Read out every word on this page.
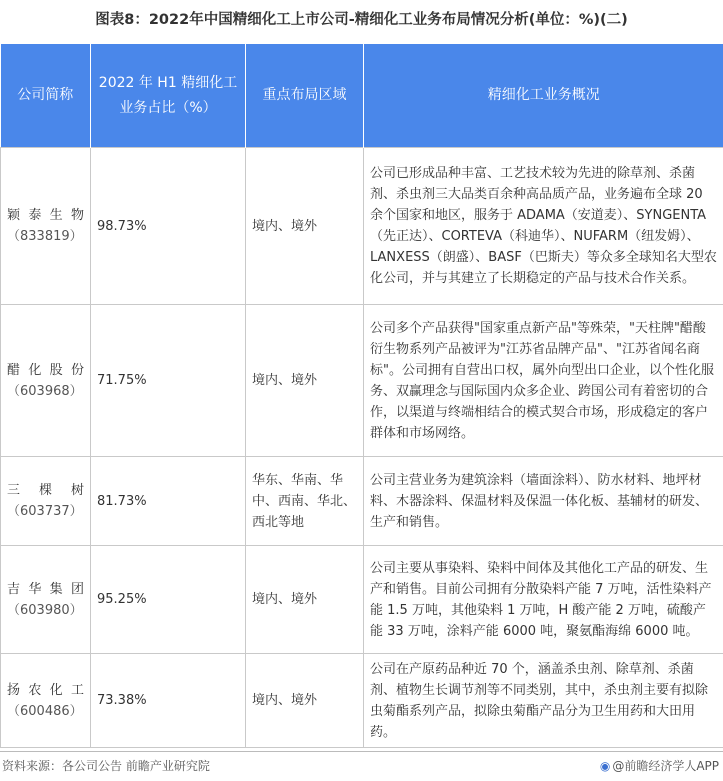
图表8：2022年中国精细化工上市公司-精细化工业务布局情况分析(单位：%)(二)
公司简称	2022 年 H1 精细化工业务占比（%）	重点布局区域	精细化工业务概况

颖泰生物
（833819）	98.73%	境内、境外	公司已形成品种丰富、工艺技术较为先进的除草剂、杀菌剂、杀虫剂三大品类百余种高品质产品，业务遍布全球 20 余个国家和地区，服务于 ADAMA（安道麦）、SYNGENTA（先正达）、CORTEVA（科迪华）、NUFARM（纽发姆）、LANXESS（朗盛）、BASF（巴斯夫）等众多全球知名大型农化公司，并与其建立了长期稳定的产品与技术合作关系。

醋化股份
（603968）	71.75%	境内、境外	公司多个产品获得"国家重点新产品"等殊荣，"天柱牌"醋酸衍生物系列产品被评为"江苏省品牌产品"、"江苏省闻名商标"。公司拥有自营出口权，属外向型出口企业，以个性化服务、双赢理念与国际国内众多企业、跨国公司有着密切的合作，以渠道与终端相结合的模式契合市场，形成稳定的客户群体和市场网络。

三棵树
（603737）	81.73%	华东、华南、华中、西南、华北、西北等地	公司主营业务为建筑涂料（墙面涂料）、防水材料、地坪材料、木器涂料、保温材料及保温一体化板、基辅材的研发、生产和销售。

吉华集团
（603980）	95.25%	境内、境外	公司主要从事染料、染料中间体及其他化工产品的研发、生产和销售。目前公司拥有分散染料产能 7 万吨，活性染料产能 1.5 万吨，其他染料 1 万吨，H 酸产能 2 万吨，硫酸产能 33 万吨，涂料产能 6000 吨，聚氨酯海绵 6000 吨。

扬农化工
（600486）	73.38%	境内、境外	公司在产原药品种近 70 个，涵盖杀虫剂、除草剂、杀菌剂、植物生长调节剂等不同类别，其中，杀虫剂主要有拟除虫菊酯系列产品，拟除虫菊酯产品分为卫生用药和大田用药。
资料来源：各公司公告 前瞻产业研究院	◉ @前瞻经济学人APP
